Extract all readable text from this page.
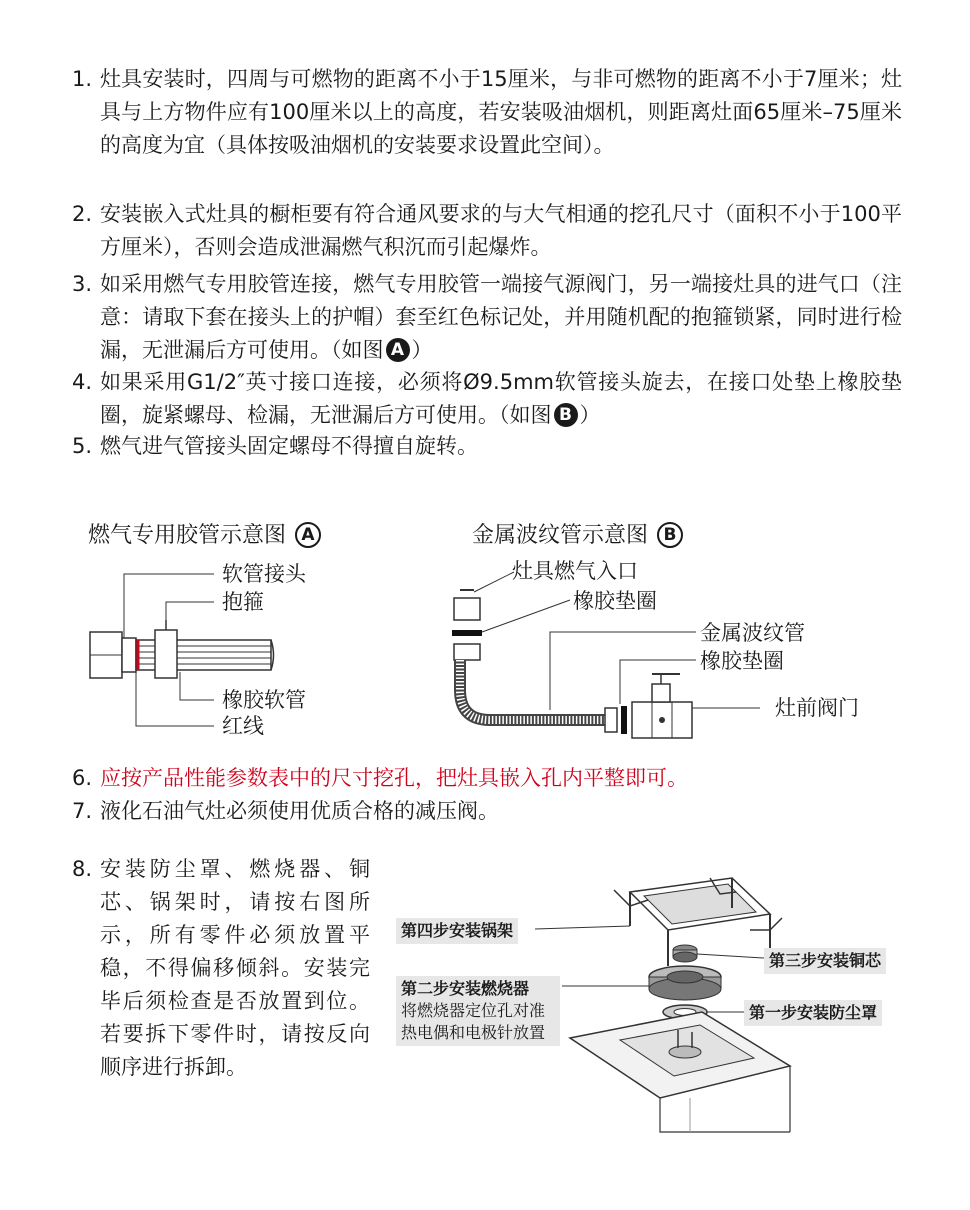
1. 灶具安装时，四周与可燃物的距离不小于15厘米，与非可燃物的距离不小于7厘米；灶具与上方物件应有100厘米以上的高度，若安装吸油烟机，则距离灶面65厘米–75厘米的高度为宜（具体按吸油烟机的安装要求设置此空间）。
2. 安装嵌入式灶具的橱柜要有符合通风要求的与大气相通的挖孔尺寸（面积不小于100平方厘米），否则会造成泄漏燃气积沉而引起爆炸。
3. 如采用燃气专用胶管连接，燃气专用胶管一端接气源阀门，另一端接灶具的进气口（注意：请取下套在接头上的护帽）套至红色标记处，并用随机配的抱箍锁紧，同时进行检漏，无泄漏后方可使用。（如图 A ）
4. 如果采用G1/2″英寸接口连接，必须将Ø9.5mm软管接头旋去，在接口处垫上橡胶垫圈，旋紧螺母、检漏，无泄漏后方可使用。（如图 B ）
5. 燃气进气管接头固定螺母不得擅自旋转。
燃气专用胶管示意图 A
软管接头
抱箍
橡胶软管
红线
金属波纹管示意图 B
灶具燃气入口
橡胶垫圈
金属波纹管
橡胶垫圈
灶前阀门
6. 应按产品性能参数表中的尺寸挖孔，把灶具嵌入孔内平整即可。
7. 液化石油气灶必须使用优质合格的减压阀。
8. 安装防尘罩、燃烧器、铜芯、锅架时，请按右图所示，所有零件必须放置平稳，不得偏移倾斜。安装完毕后须检查是否放置到位。若要拆下零件时，请按反向顺序进行拆卸。
第四步安装锅架
第三步安装铜芯
第二步安装燃烧器
将燃烧器定位孔对准热电偶和电极针放置
第一步安装防尘罩
